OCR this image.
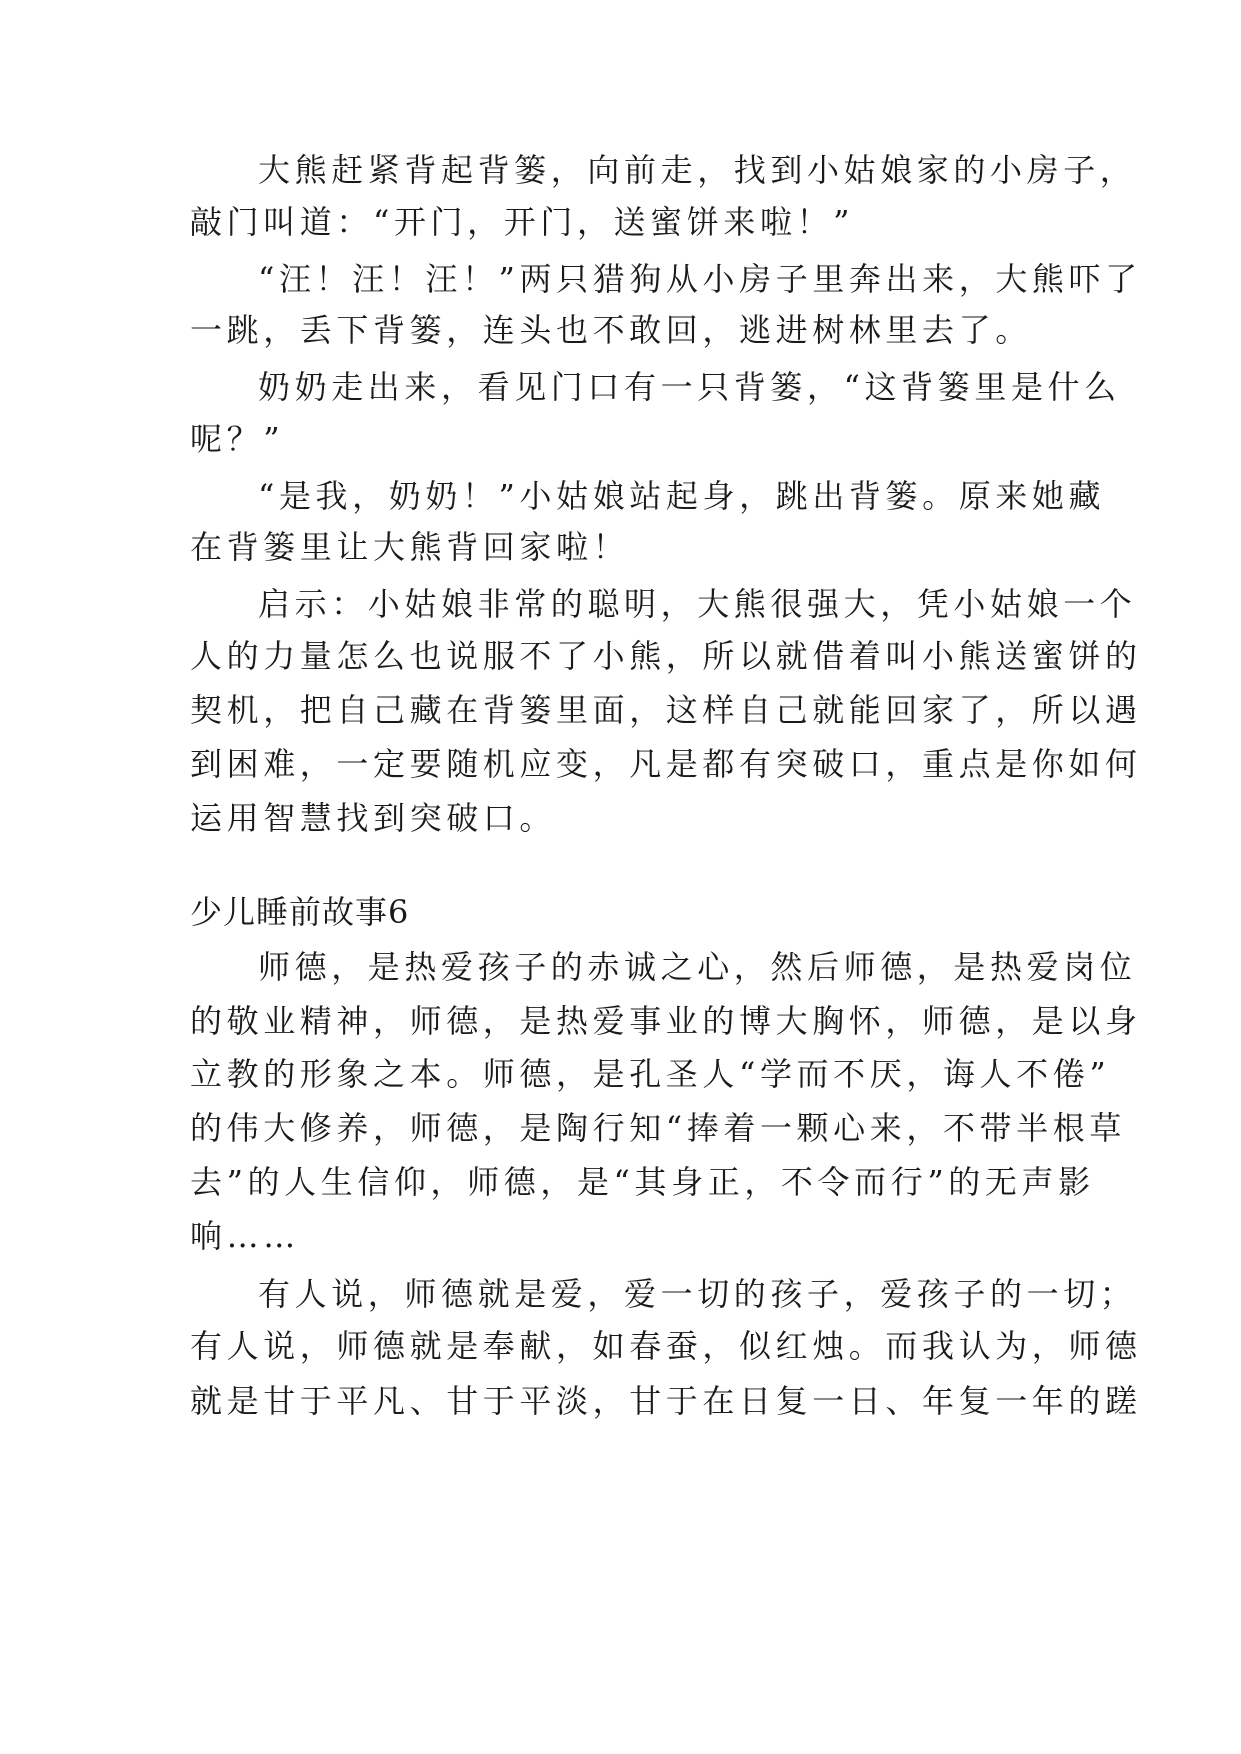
大熊赶紧背起背篓，向前走，找到小姑娘家的小房子，
敲门叫道：“开门，开门，送蜜饼来啦！”
“汪！汪！汪！”两只猎狗从小房子里奔出来，大熊吓了
一跳，丢下背篓，连头也不敢回，逃进树林里去了。
奶奶走出来，看见门口有一只背篓，“这背篓里是什么
呢？”
“是我，奶奶！”小姑娘站起身，跳出背篓。原来她藏
在背篓里让大熊背回家啦！
启示：小姑娘非常的聪明，大熊很强大，凭小姑娘一个
人的力量怎么也说服不了小熊，所以就借着叫小熊送蜜饼的
契机，把自己藏在背篓里面，这样自己就能回家了，所以遇
到困难，一定要随机应变，凡是都有突破口，重点是你如何
运用智慧找到突破口。
少儿睡前故事6
师德，是热爱孩子的赤诚之心，然后师德，是热爱岗位
的敬业精神，师德，是热爱事业的博大胸怀，师德，是以身
立教的形象之本。师德，是孔圣人“学而不厌，诲人不倦”
的伟大修养，师德，是陶行知“捧着一颗心来，不带半根草
去”的人生信仰，师德，是“其身正，不令而行”的无声影
响……
有人说，师德就是爱，爱一切的孩子，爱孩子的一切；
有人说，师德就是奉献，如春蚕，似红烛。而我认为，师德
就是甘于平凡、甘于平淡，甘于在日复一日、年复一年的蹉
